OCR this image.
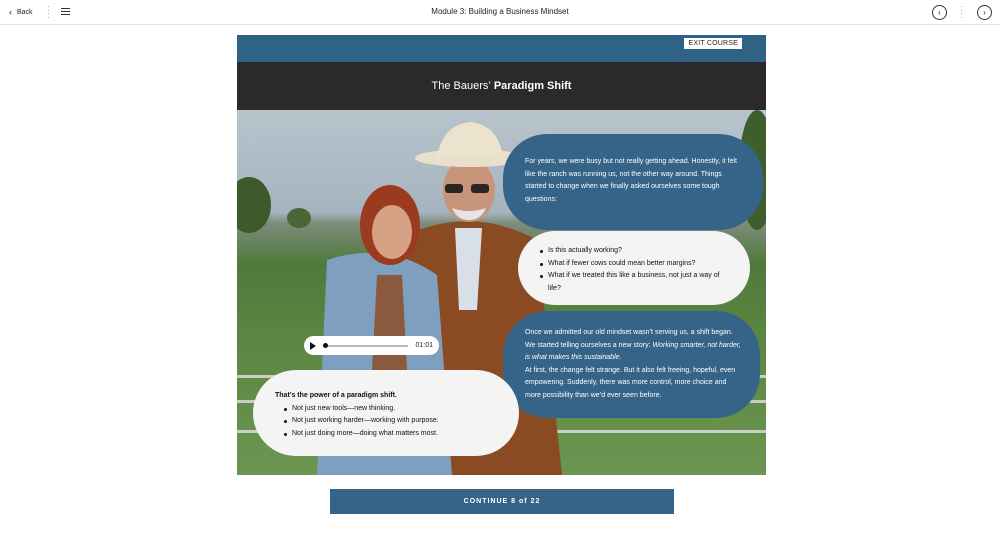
‹ Back	Module 3: Building a Business Mindset	‹	›
EXIT COURSE
The Bauers’ Paradigm Shift
For years, we were busy but not really getting ahead. Honestly, it felt like the ranch was running us, not the other way around. Things started to change when we finally asked ourselves some tough questions:
Is this actually working?
What if fewer cows could mean better margins?
What if we treated this like a business, not just a way of life?
Once we admitted our old mindset wasn’t serving us, a shift began. We started telling ourselves a new story: Working smarter, not harder, is what makes this sustainable.
At first, the change felt strange. But it also felt freeing, hopeful, even empowering. Suddenly, there was more control, more choice and more possibility than we’d ever seen before.
That’s the power of a paradigm shift.
Not just new tools—new thinking.
Not just working harder—working with purpose.
Not just doing more—doing what matters most.
01:01
CONTINUE 8 of 22
